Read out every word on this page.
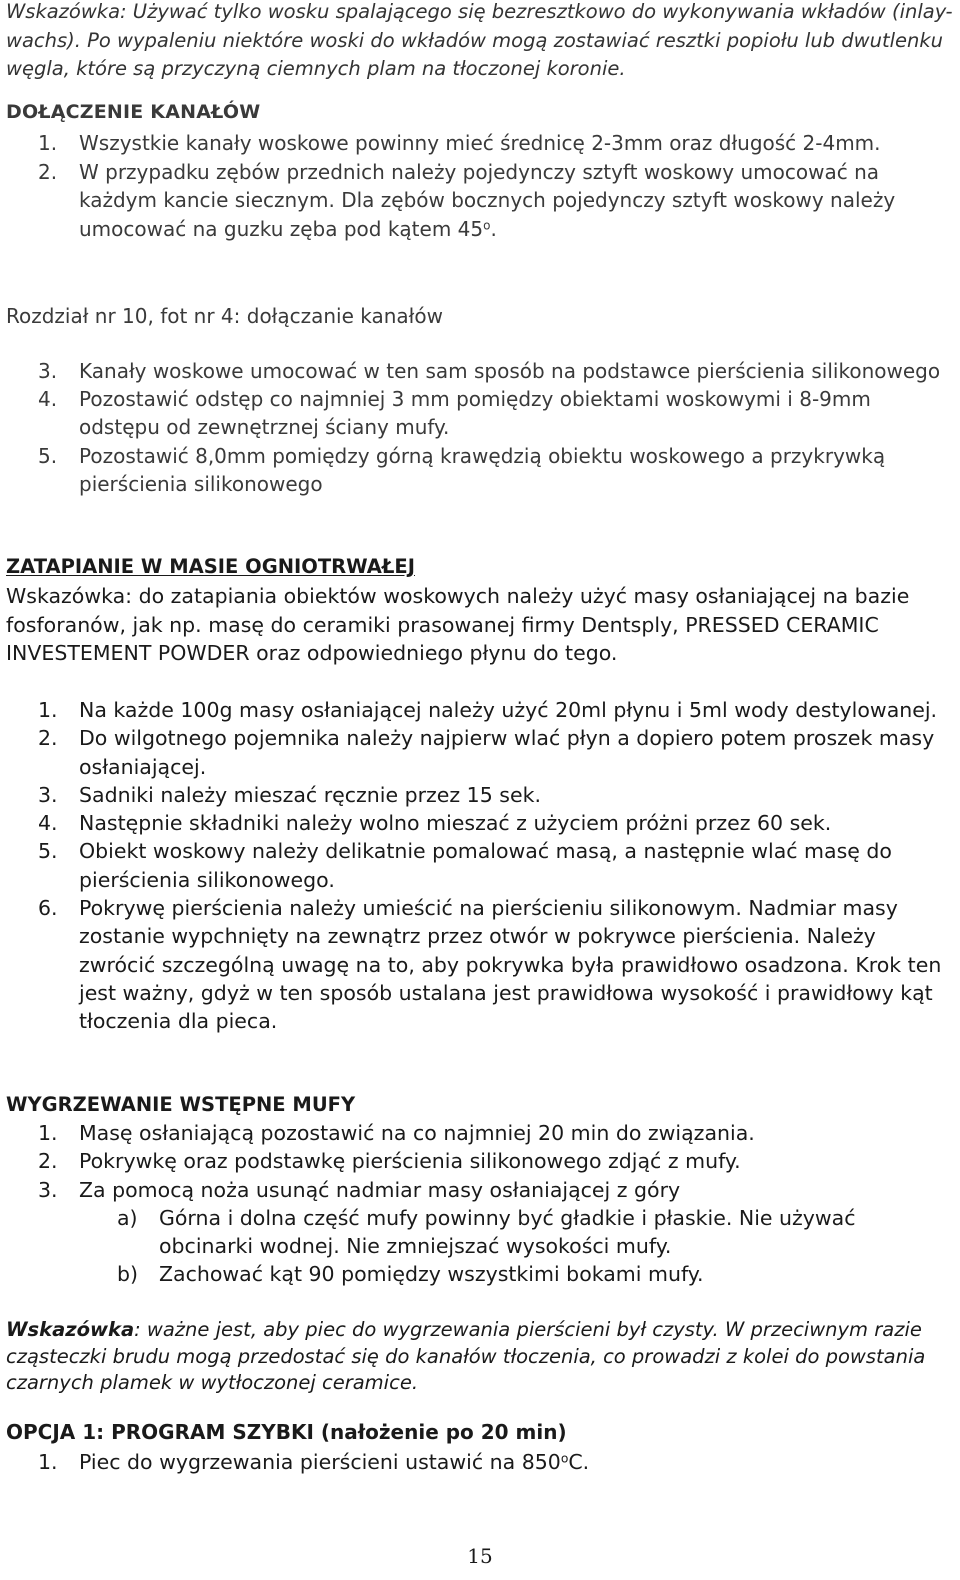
Wskazówka: Używać tylko wosku spalającego się bezresztkowo do wykonywania wkładów (inlay-wachs). Po wypaleniu niektóre woski do wkładów mogą zostawiać resztki popiołu lub dwutlenku węgla, które są przyczyną ciemnych plam na tłoczonej koronie.

DOŁĄCZENIE KANAŁÓW
1. Wszystkie kanały woskowe powinny mieć średnicę 2-3mm oraz długość 2-4mm.
2. W przypadku zębów przednich należy pojedynczy sztyft woskowy umocować na każdym kancie siecznym. Dla zębów bocznych pojedynczy sztyft woskowy należy umocować na guzku zęba pod kątem 45$^o$.

Rozdział nr 10, fot nr 4: dołączanie kanałów

3. Kanały woskowe umocować w ten sam sposób na podstawce pierścienia silikonowego
4. Pozostawić odstęp co najmniej 3 mm pomiędzy obiektami woskowymi i 8-9mm odstępu od zewnętrznej ściany mufy.
5. Pozostawić 8,0mm pomiędzy górną krawędzią obiektu woskowego a przykrywką pierścienia silikonowego
ZATAPIANIE W MASIE OGNIOTRWAŁEJ

Wskazówka: do zatapiania obiektów woskowych należy użyć masy osłaniającej na bazie fosforanów, jak np. masę do ceramiki prasowanej firmy Dentsply, PRESSED CERAMIC INVESTEMENT POWDER oraz odpowiedniego płynu do tego.

1. Na każde 100g masy osłaniającej należy użyć 20ml płynu i 5ml wody destylowanej.
2. Do wilgotnego pojemnika należy najpierw wlać płyn a dopiero potem proszek masy osłaniającej.
3. Sadniki należy mieszać ręcznie przez 15 sek.
4. Następnie składniki należy wolno mieszać z użyciem próżni przez 60 sek.
5. Obiekt woskowy należy delikatnie pomalować masą, a następnie wlać masę do pierścienia silikonowego.
6. Pokrywę pierścienia należy umieścić na pierścieniu silikonowym. Nadmiar masy zostanie wypchnięty na zewnątrz przez otwór w pokrywce pierścienia. Należy zwrócić szczególną uwagę na to, aby pokrywka była prawidłowo osadzona. Krok ten jest ważny, gdyż w ten sposób ustalana jest prawidłowa wysokość i prawidłowy kąt tłoczenia dla pieca.
WYGRZEWANIE WSTĘPNE MUFY
1. Masę osłaniającą pozostawić na co najmniej 20 min do związania.
2. Pokrywkę oraz podstawkę pierścienia silikonowego zdjąć z mufy.
3. Za pomocą noża usunąć nadmiar masy osłaniającej z góry
a) Górna i dolna część mufy powinny być gładkie i płaskie. Nie używać obcinarki wodnej. Nie zmniejszać wysokości mufy.
b) Zachować kąt 90 pomiędzy wszystkimi bokami mufy.

Wskazówka: ważne jest, aby piec do wygrzewania pierścieni był czysty. W przeciwnym razie cząsteczki brudu mogą przedostać się do kanałów tłoczenia, co prowadzi z kolei do powstania czarnych plamek w wytłoczonej ceramice.

OPCJA 1: PROGRAM SZYBKI (nałożenie po 20 min)
1. Piec do wygrzewania pierścieni ustawić na 850$^o$C.
15
